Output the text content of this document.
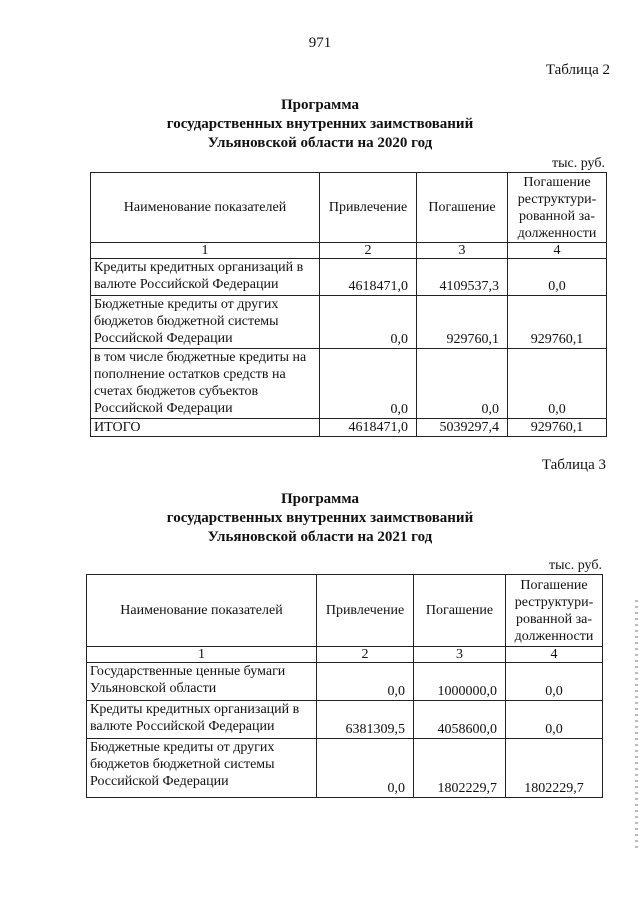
971
Таблица 2
Программа
государственных внутренних заимствований
Ульяновской области на 2020 год
тыс. руб.
Наименование показателей	Привлечение	Погашение	Погашение реструктури-рованной за-долженности
1	2	3	4
Кредиты кредитных организаций в валюте Российской Федерации	4618471,0	4109537,3	0,0
Бюджетные кредиты от других бюджетов бюджетной системы Российской Федерации	0,0	929760,1	929760,1
в том числе бюджетные кредиты на пополнение остатков средств на счетах бюджетов субъектов Российской Федерации	0,0	0,0	0,0
ИТОГО	4618471,0	5039297,4	929760,1
Таблица 3
Программа
государственных внутренних заимствований
Ульяновской области на 2021 год
тыс. руб.
Наименование показателей	Привлечение	Погашение	Погашение реструктури-рованной за-долженности
1	2	3	4
Государственные ценные бумаги Ульяновской области	0,0	1000000,0	0,0
Кредиты кредитных организаций в валюте Российской Федерации	6381309,5	4058600,0	0,0
Бюджетные кредиты от других бюджетов бюджетной системы Российской Федерации	0,0	1802229,7	1802229,7
